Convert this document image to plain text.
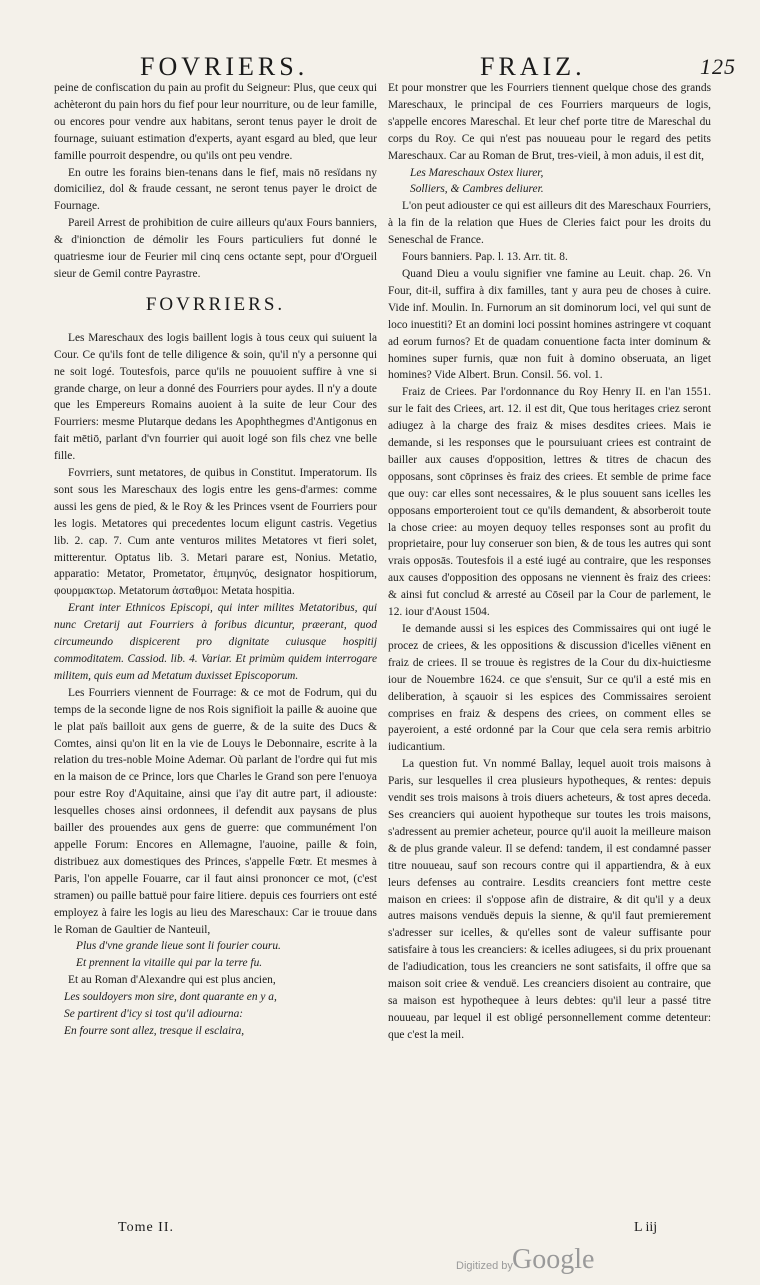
FOVRIERS.	FRAIZ.	125

peine de confiscation du pain au profit du Seigneur: Plus, que ceux qui achèteront du pain hors du fief pour leur nourriture, ou de leur famille, ou encores pour vendre aux habitans, seront tenus payer le droit de fournage, suiuant estimation d'experts, ayant esgard au bled, que leur famille pourroit despendre, ou qu'ils ont peu vendre.

En outre les forains bien-tenans dans le fief, mais nō resïdans ny domiciliez, dol & fraude cessant, ne seront tenus payer le droict de Fournage.

Pareil Arrest de prohibition de cuire ailleurs qu'aux Fours banniers, & d'inionction de démolir les Fours particuliers fut donné le quatriesme iour de Feurier mil cinq cens octante sept, pour d'Orgueil sieur de Gemil contre Payrastre.

FOVRRIERS.

Les Mareschaux des logis baillent logis à tous ceux qui suiuent la Cour. Ce qu'ils font de telle diligence & soin, qu'il n'y a personne qui ne soit logé. Toutesfois, parce qu'ils ne pouuoient suffire à vne si grande charge, on leur a donné des Fourriers pour aydes. Il n'y a doute que les Empereurs Romains auoient à la suite de leur Cour des Fourriers: mesme Plutarque dedans les Apophthegmes d'Antigonus en fait mētiō, parlant d'vn fourrier qui auoit logé son fils chez vne belle fille.

Fovrriers, sunt metatores, de quibus in Constitut. Imperatorum. Ils sont sous les Mareschaux des logis entre les gens-d'armes: comme aussi les gens de pied, & le Roy & les Princes vsent de Fourriers pour les logis. Metatores qui precedentes locum eligunt castris. Vegetius lib. 2. cap. 7. Cum ante venturos milites Metatores vt fieri solet, mitterentur. Optatus lib. 3. Metari parare est, Nonius. Metatio, apparatio: Metator, Prometator, ἐπιμηνύς, designator hospitiorum, φουρμακτωρ. Metatorum ἀσταθμοι: Metata hospitia.

Erant inter Ethnicos Episcopi, qui inter milites Metatoribus, qui nunc Cretarij aut Fourriers à foribus dicuntur, præerant, quod circumeundo dispicerent pro dignitate cuiusque hospitij commoditatem. Cassiod. lib. 4. Variar. Et primùm quidem interrogare militem, quis eum ad Metatum duxisset Episcoporum.

Les Fourriers viennent de Fourrage: & ce mot de Fodrum, qui du temps de la seconde ligne de nos Rois signifioit la paille & auoine que le plat païs bailloit aux gens de guerre, & de la suite des Ducs & Comtes, ainsi qu'on lit en la vie de Louys le Debonnaire, escrite à la relation du tres-noble Moine Ademar. Où parlant de l'ordre qui fut mis en la maison de ce Prince, lors que Charles le Grand son pere l'enuoya pour estre Roy d'Aquitaine, ainsi que i'ay dit autre part, il adiouste: lesquelles choses ainsi ordonnees, il defendit aux paysans de plus bailler des prouendes aux gens de guerre: que communément l'on appelle Forum: Encores en Allemagne, l'auoine, paille & foin, distribuez aux domestiques des Princes, s'appelle Fœtr. Et mesmes à Paris, l'on appelle Fouarre, car il faut ainsi prononcer ce mot, (c'est stramen) ou paille battuë pour faire litiere. depuis ces fourriers ont esté employez à faire les logis au lieu des Mareschaux: Car ie trouue dans le Roman de Gaultier de Nanteuil,

Plus d'vne grande lieue sont li fourier couru.

Et prennent la vitaille qui par la terre fu.

Et au Roman d'Alexandre qui est plus ancien,

Les souldoyers mon sire, dont quarante en y a,

Se partirent d'icy si tost qu'il adiourna:

En fourre sont allez, tresque il esclaira,

Et pour monstrer que les Fourriers tiennent quelque chose des grands Mareschaux, le principal de ces Fourriers marqueurs de logis, s'appelle encores Mareschal. Et leur chef porte titre de Mareschal du corps du Roy. Ce qui n'est pas nouueau pour le regard des petits Mareschaux. Car au Roman de Brut, tres-vieil, à mon aduis, il est dit,

Les Mareschaux Ostex liurer,

Solliers, & Cambres deliurer.

L'on peut adiouster ce qui est ailleurs dit des Mareschaux Fourriers, à la fin de la relation que Hues de Cleries faict pour les droits du Seneschal de France.

Fours banniers. Pap. l. 13. Arr. tit. 8.

Quand Dieu a voulu signifier vne famine au Leuit. chap. 26. Vn Four, dit-il, suffira à dix familles, tant y aura peu de choses à cuire. Vide inf. Moulin. In. Furnorum an sit dominorum loci, vel qui sunt de loco inuestiti? Et an domini loci possint homines astringere vt coquant ad eorum furnos? Et de quadam conuentione facta inter dominum & homines super furnis, quæ non fuit à domino obseruata, an liget homines? Vide Albert. Brun. Consil. 56. vol. 1.

Fraiz de Criees. Par l'ordonnance du Roy Henry II. en l'an 1551. sur le fait des Criees, art. 12. il est dit, Que tous heritages criez seront adiugez à la charge des fraiz & mises desdites criees. Mais ie demande, si les responses que le poursuiuant criees est contraint de bailler aux causes d'opposition, lettres & titres de chacun des opposans, sont cōprinses ès fraiz des criees. Et semble de prime face que ouy: car elles sont necessaires, & le plus souuent sans icelles les opposans emporteroient tout ce qu'ils demandent, & absorberoit toute la chose criee: au moyen dequoy telles responses sont au profit du proprietaire, pour luy conseruer son bien, & de tous les autres qui sont vrais opposās. Toutesfois il a esté iugé au contraire, que les responses aux causes d'opposition des opposans ne viennent ès fraiz des criees: & ainsi fut conclud & arresté au Cōseil par la Cour de parlement, le 12. iour d'Aoust 1504.

Ie demande aussi si les espices des Commissaires qui ont iugé le procez de criees, & les oppositions & discussion d'icelles viēnent en fraiz de criees. Il se trouue ès registres de la Cour du dix-huictiesme iour de Nouembre 1624. ce que s'ensuit, Sur ce qu'il a esté mis en deliberation, à sçauoir si les espices des Commissaires seroient comprises en fraiz & despens des criees, on comment elles se payeroient, a esté ordonné par la Cour que cela sera remis arbitrio iudicantium.

La question fut. Vn nommé Ballay, lequel auoit trois maisons à Paris, sur lesquelles il crea plusieurs hypotheques, & rentes: depuis vendit ses trois maisons à trois diuers acheteurs, & tost apres deceda. Ses creanciers qui auoient hypotheque sur toutes les trois maisons, s'adressent au premier acheteur, pource qu'il auoit la meilleure maison & de plus grande valeur. Il se defend: tandem, il est condamné passer titre nouueau, sauf son recours contre qui il appartiendra, & à eux leurs defenses au contraire. Lesdits creanciers font mettre ceste maison en criees: il s'oppose afin de distraire, & dit qu'il y a deux autres maisons venduës depuis la sienne, & qu'il faut premierement s'adresser sur icelles, & qu'elles sont de valeur suffisante pour satisfaire à tous les creanciers: & icelles adiugees, si du prix prouenant de l'adiudication, tous les creanciers ne sont satisfaits, il offre que sa maison soit criee & venduë. Les creanciers disoient au contraire, que sa maison est hypothequee à leurs debtes: qu'il leur a passé titre nouueau, par lequel il est obligé personnellement comme detenteur: que c'est la meil.

Tome II.	L iij
Digitized by Google
